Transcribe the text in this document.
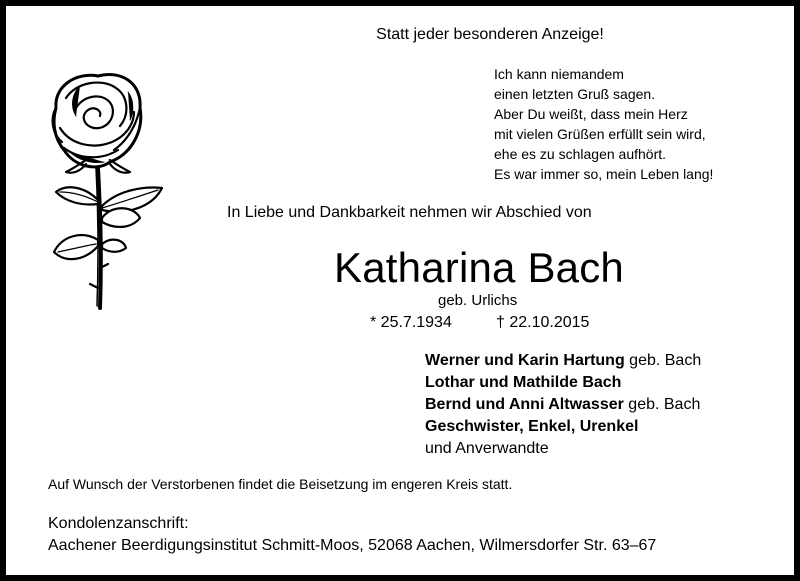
Statt jeder besonderen Anzeige!
Ich kann niemandem
einen letzten Gruß sagen.
Aber Du weißt, dass mein Herz
mit vielen Grüßen erfüllt sein wird,
ehe es zu schlagen aufhört.
Es war immer so, mein Leben lang!
In Liebe und Dankbarkeit nehmen wir Abschied von
Katharina Bach
geb. Urlichs
* 25.7.1934	† 22.10.2015
Werner und Karin Hartung geb. Bach
Lothar und Mathilde Bach
Bernd und Anni Altwasser geb. Bach
Geschwister, Enkel, Urenkel
und Anverwandte
Auf Wunsch der Verstorbenen findet die Beisetzung im engeren Kreis statt.
Kondolenzanschrift:
Aachener Beerdigungsinstitut Schmitt-Moos, 52068 Aachen, Wilmersdorfer Str. 63–67
